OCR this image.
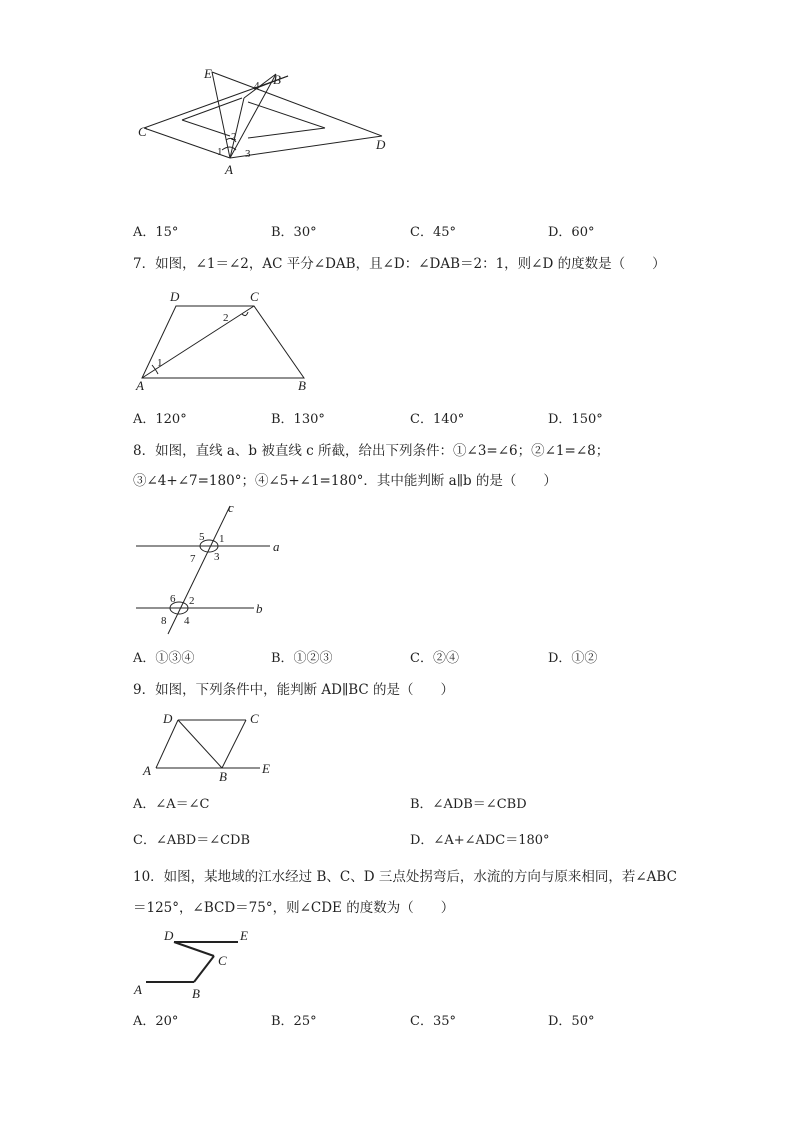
E	B
C
D
A
1
2
3
4
A．15°	B．30°	C．45°	D．60°
7．如图，∠1＝∠2，AC 平分∠DAB，且∠D：∠DAB＝2：1，则∠D 的度数是（　　）
D	C
A	B
1
2
A．120°	B．130°	C．140°	D．150°
8．如图，直线 a、b 被直线 c 所截，给出下列条件：①∠3=∠6；②∠1=∠8；
③∠4+∠7=180°；④∠5+∠1=180°．其中能判断 a∥b 的是（　　）
a
b
c
5 1
7 3
6 2
8 4
A．①③④	B．①②③	C．②④	D．①②
9．如图，下列条件中，能判断 AD∥BC 的是（　　）
D	C
A	B
E
A．∠A＝∠C	B．∠ADB＝∠CBD
C．∠ABD＝∠CDB	D．∠A+∠ADC＝180°
10．如图，某地域的江水经过 B、C、D 三点处拐弯后，水流的方向与原来相同，若∠ABC
＝125°，∠BCD＝75°，则∠CDE 的度数为（　　）
D	E
C
A	B
A．20°	B．25°	C．35°	D．50°
